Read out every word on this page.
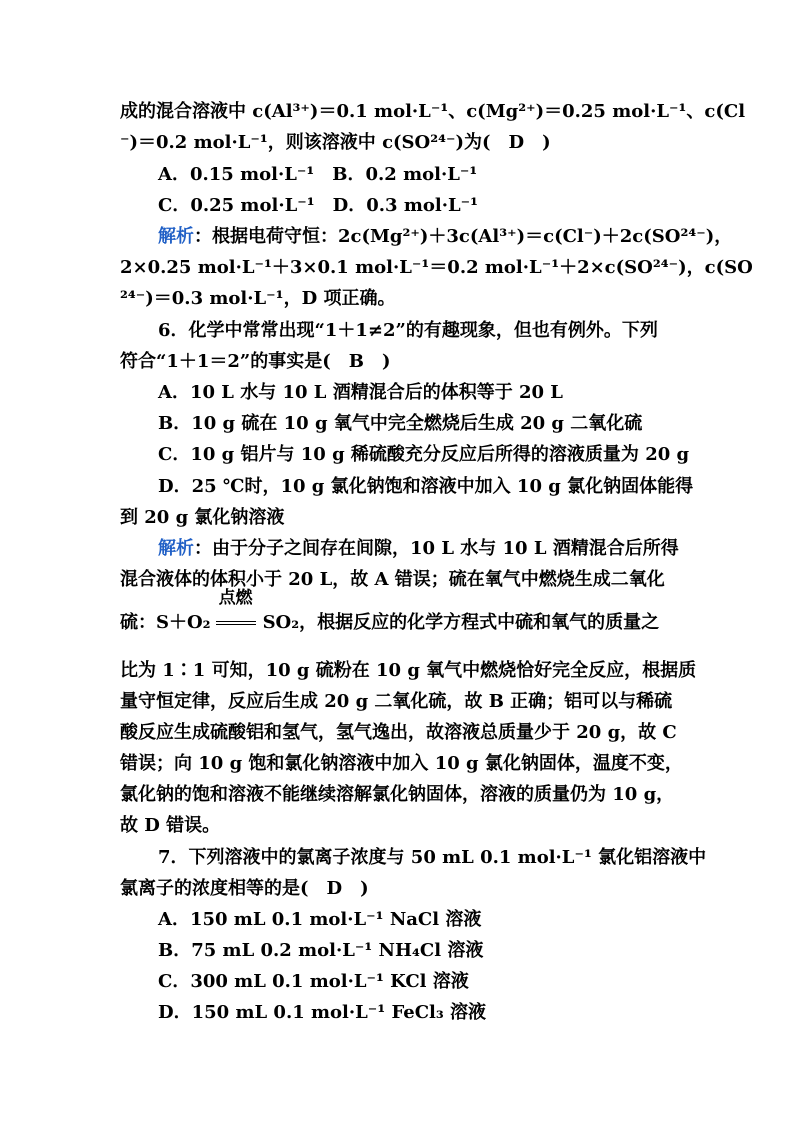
成的混合溶液中 c(Al³⁺)＝0.1 mol·L⁻¹、c(Mg²⁺)＝0.25 mol·L⁻¹、c(Cl
⁻)＝0.2 mol·L⁻¹，则该溶液中 c(SO²⁴⁻)为(　D　)
A．0.15 mol·L⁻¹　B．0.2 mol·L⁻¹
C．0.25 mol·L⁻¹　D．0.3 mol·L⁻¹
解析：根据电荷守恒：2c(Mg²⁺)＋3c(Al³⁺)＝c(Cl⁻)＋2c(SO²⁴⁻)，
2×0.25 mol·L⁻¹＋3×0.1 mol·L⁻¹＝0.2 mol·L⁻¹＋2×c(SO²⁴⁻)，c(SO
²⁴⁻)＝0.3 mol·L⁻¹，D 项正确。
6．化学中常常出现“1＋1≠2”的有趣现象，但也有例外。下列
符合“1＋1＝2”的事实是(　B　)
A．10 L 水与 10 L 酒精混合后的体积等于 20 L
B．10 g 硫在 10 g 氧气中完全燃烧后生成 20 g 二氧化硫
C．10 g 铝片与 10 g 稀硫酸充分反应后所得的溶液质量为 20 g
D．25 ℃时，10 g 氯化钠饱和溶液中加入 10 g 氯化钠固体能得
到 20 g 氯化钠溶液
解析：由于分子之间存在间隙，10 L 水与 10 L 酒精混合后所得
混合液体的体积小于 20 L，故 A 错误；硫在氧气中燃烧生成二氧化
比为 1∶1 可知，10 g 硫粉在 10 g 氧气中燃烧恰好完全反应，根据质
量守恒定律，反应后生成 20 g 二氧化硫，故 B 正确；铝可以与稀硫
酸反应生成硫酸铝和氢气，氢气逸出，故溶液总质量少于 20 g，故 C
错误；向 10 g 饱和氯化钠溶液中加入 10 g 氯化钠固体，温度不变，
氯化钠的饱和溶液不能继续溶解氯化钠固体，溶液的质量仍为 10 g，
故 D 错误。
7．下列溶液中的氯离子浓度与 50 mL 0.1 mol·L⁻¹ 氯化铝溶液中
氯离子的浓度相等的是(　D　)
A．150 mL 0.1 mol·L⁻¹ NaCl 溶液
B．75 mL 0.2 mol·L⁻¹ NH₄Cl 溶液
C．300 mL 0.1 mol·L⁻¹ KCl 溶液
D．150 mL 0.1 mol·L⁻¹ FeCl₃ 溶液
硫：S＋O₂
点燃
SO₂，根据反应的化学方程式中硫和氧气的质量之
